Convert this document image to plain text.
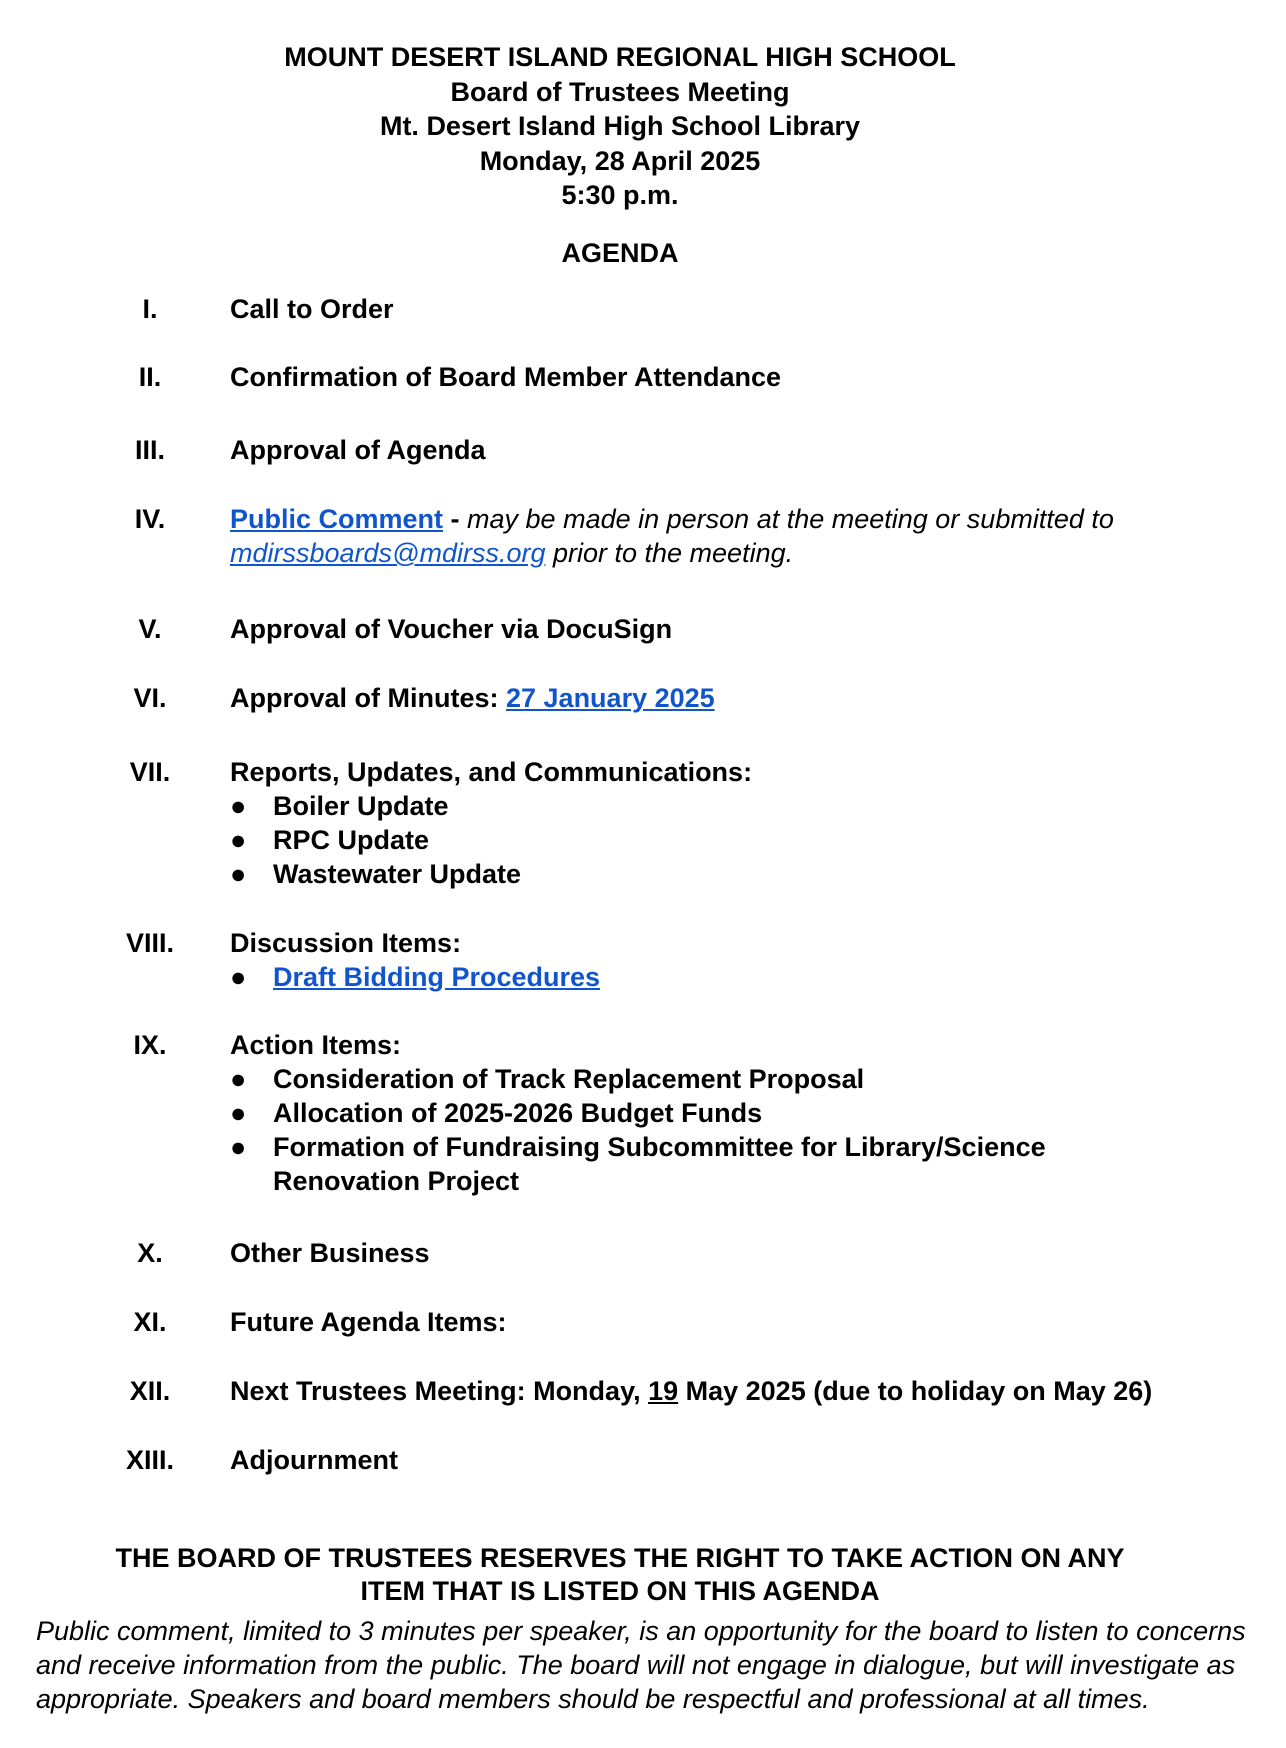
MOUNT DESERT ISLAND REGIONAL HIGH SCHOOL
Board of Trustees Meeting
Mt. Desert Island High School Library
Monday, 28 April 2025
5:30 p.m.
AGENDA
I.	Call to Order
II.	Confirmation of Board Member Attendance
III.	Approval of Agenda
IV.	Public Comment - may be made in person at the meeting or submitted to mdirssboards@mdirss.org prior to the meeting.
V.	Approval of Voucher via DocuSign
VI.	Approval of Minutes: 27 January 2025
VII.	Reports, Updates, and Communications:
● Boiler Update
● RPC Update
● Wastewater Update
VIII.	Discussion Items:
● Draft Bidding Procedures
IX.	Action Items:
● Consideration of Track Replacement Proposal
● Allocation of 2025-2026 Budget Funds
● Formation of Fundraising Subcommittee for Library/Science Renovation Project
X.	Other Business
XI.	Future Agenda Items:
XII.	Next Trustees Meeting: Monday, 19 May 2025 (due to holiday on May 26)
XIII.	Adjournment
THE BOARD OF TRUSTEES RESERVES THE RIGHT TO TAKE ACTION ON ANY
ITEM THAT IS LISTED ON THIS AGENDA
Public comment, limited to 3 minutes per speaker, is an opportunity for the board to listen to concerns and receive information from the public. The board will not engage in dialogue, but will investigate as appropriate. Speakers and board members should be respectful and professional at all times.
